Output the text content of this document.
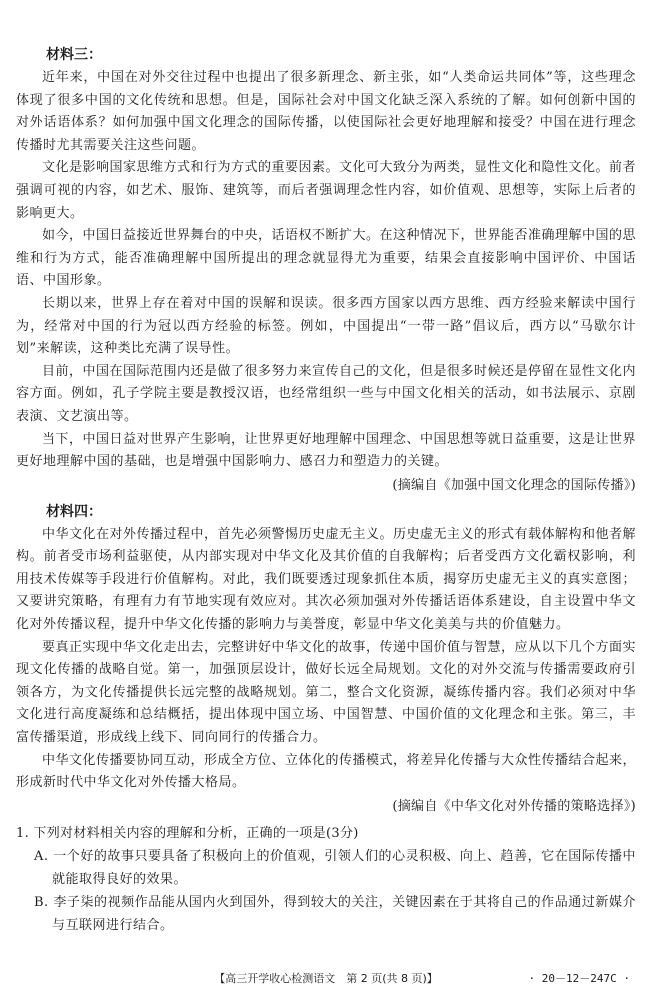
材料三：

近年来，中国在对外交往过程中也提出了很多新理念、新主张，如“人类命运共同体”等，这些理念体现了很多中国的文化传统和思想。但是，国际社会对中国文化缺乏深入系统的了解。如何创新中国的对外话语体系？如何加强中国文化理念的国际传播，以使国际社会更好地理解和接受？中国在进行理念传播时尤其需要关注这些问题。

文化是影响国家思维方式和行为方式的重要因素。文化可大致分为两类，显性文化和隐性文化。前者强调可视的内容，如艺术、服饰、建筑等，而后者强调理念性内容，如价值观、思想等，实际上后者的影响更大。

如今，中国日益接近世界舞台的中央，话语权不断扩大。在这种情况下，世界能否准确理解中国的思维和行为方式，能否准确理解中国所提出的理念就显得尤为重要，结果会直接影响中国评价、中国话语、中国形象。

长期以来，世界上存在着对中国的误解和误读。很多西方国家以西方思维、西方经验来解读中国行为，经常对中国的行为冠以西方经验的标签。例如，中国提出“一带一路”倡议后，西方以“马歇尔计划”来解读，这种类比充满了误导性。

目前，中国在国际范围内还是做了很多努力来宣传自己的文化，但是很多时候还是停留在显性文化内容方面。例如，孔子学院主要是教授汉语，也经常组织一些与中国文化相关的活动，如书法展示、京剧表演、文艺演出等。

当下，中国日益对世界产生影响，让世界更好地理解中国理念、中国思想等就日益重要，这是让世界更好地理解中国的基础，也是增强中国影响力、感召力和塑造力的关键。

(摘编自《加强中国文化理念的国际传播》)
材料四：

中华文化在对外传播过程中，首先必须警惕历史虚无主义。历史虚无主义的形式有载体解构和他者解构。前者受市场利益驱使，从内部实现对中华文化及其价值的自我解构；后者受西方文化霸权影响，利用技术传媒等手段进行价值解构。对此，我们既要透过现象抓住本质，揭穿历史虚无主义的真实意图；又要讲究策略，有理有力有节地实现有效应对。其次必须加强对外传播话语体系建设，自主设置中华文化对外传播议程，提升中华文化传播的影响力与美誉度，彰显中华文化美美与共的价值魅力。

要真正实现中华文化走出去，完整讲好中华文化的故事，传递中国价值与智慧，应从以下几个方面实现文化传播的战略自觉。第一，加强顶层设计，做好长远全局规划。文化的对外交流与传播需要政府引领各方，为文化传播提供长远完整的战略规划。第二，整合文化资源，凝练传播内容。我们必须对中华文化进行高度凝练和总结概括，提出体现中国立场、中国智慧、中国价值的文化理念和主张。第三，丰富传播渠道，形成线上线下、同向同行的传播合力。

中华文化传播要协同互动，形成全方位、立体化的传播模式，将差异化传播与大众性传播结合起来，形成新时代中华文化对外传播大格局。

(摘编自《中华文化对外传播的策略选择》)
1. 下列对材料相关内容的理解和分析，正确的一项是(3分)
A. 一个好的故事只要具备了积极向上的价值观，引领人们的心灵积极、向上、趋善，它在国际传播中就能取得良好的效果。
B. 李子柒的视频作品能从国内火到国外，得到较大的关注，关键因素在于其将自己的作品通过新媒介与互联网进行结合。
【高三开学收心检测语文　第 2 页(共 8 页)】	· 20－12－247C ·
